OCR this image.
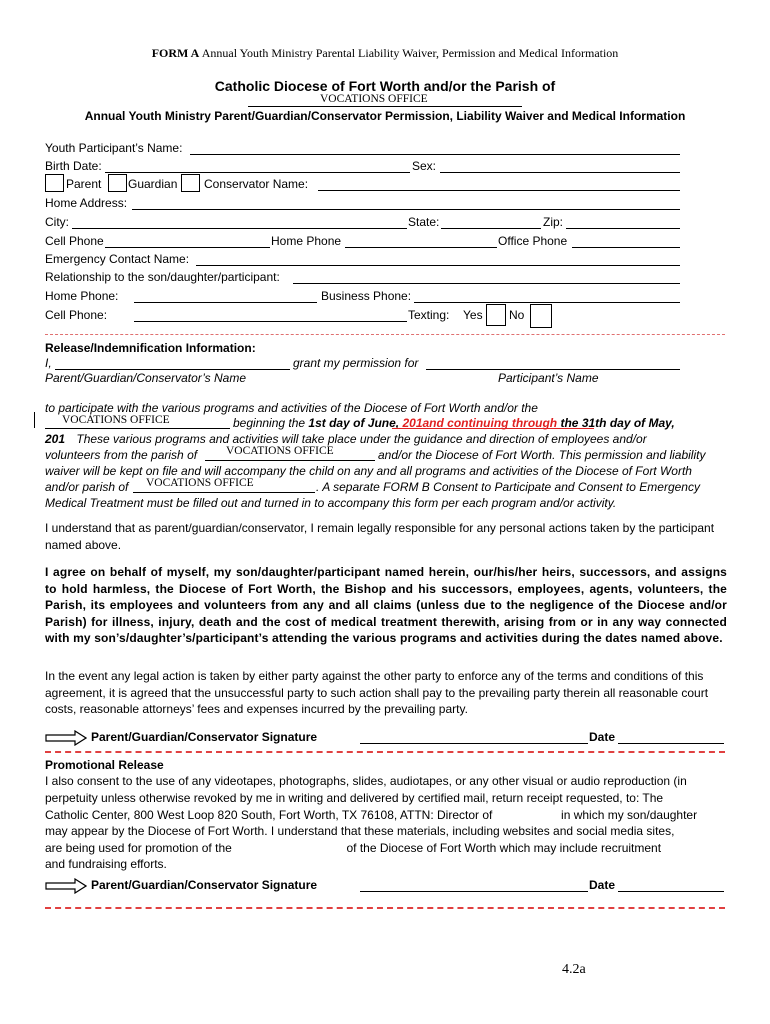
FORM A Annual Youth Ministry Parental Liability Waiver, Permission and Medical Information
Catholic Diocese of Fort Worth and/or the Parish of
VOCATIONS OFFICE
Annual Youth Ministry Parent/Guardian/Conservator Permission, Liability Waiver and Medical Information
Youth Participant’s Name:
Birth Date:	Sex:
Parent Guardian Conservator Name:
Home Address:
City:	State:	Zip:
Cell Phone	Home Phone	Office Phone
Emergency Contact Name:
Relationship to the son/daughter/participant:
Home Phone:	Business Phone:
Cell Phone:	Texting: Yes No
Release/Indemnification Information:
I,	grant my permission for
Parent/Guardian/Conservator’s Name	Participant’s Name
to participate with the various programs and activities of the Diocese of Fort Worth and/or the
VOCATIONS OFFICE	beginning the 1st day of June, 201and continuing through the 31th day of May,
201 These various programs and activities will take place under the guidance and direction of employees and/or
volunteers from the parish of	VOCATIONS OFFICE	and/or the Diocese of Fort Worth. This permission and liability
waiver will be kept on file and will accompany the child on any and all programs and activities of the Diocese of Fort Worth
and/or parish of VOCATIONS OFFICE	. A separate FORM B Consent to Participate and Consent to Emergency
Medical Treatment must be filled out and turned in to accompany this form per each program and/or activity.
I understand that as parent/guardian/conservator, I remain legally responsible for any personal actions taken by the participant named above.
I agree on behalf of myself, my son/daughter/participant named herein, our/his/her heirs, successors, and assigns to hold harmless, the Diocese of Fort Worth, the Bishop and his successors, employees, agents, volunteers, the Parish, its employees and volunteers from any and all claims (unless due to the negligence of the Diocese and/or Parish) for illness, injury, death and the cost of medical treatment therewith, arising from or in any way connected with my son’s/daughter’s/participant’s attending the various programs and activities during the dates named above.
In the event any legal action is taken by either party against the other party to enforce any of the terms and conditions of this agreement, it is agreed that the unsuccessful party to such action shall pay to the prevailing party therein all reasonable court costs, reasonable attorneys’ fees and expenses incurred by the prevailing party.
Parent/Guardian/Conservator Signature	Date
Promotional Release
I also consent to the use of any videotapes, photographs, slides, audiotapes, or any other visual or audio reproduction (in
perpetuity unless otherwise revoked by me in writing and delivered by certified mail, return receipt requested, to: The
Catholic Center, 800 West Loop 820 South, Fort Worth, TX 76108, ATTN: Director of	in which my son/daughter
may appear by the Diocese of Fort Worth. I understand that these materials, including websites and social media sites,
are being used for promotion of the	of the Diocese of Fort Worth which may include recruitment
and fundraising efforts.
Parent/Guardian/Conservator Signature	Date
4.2a
